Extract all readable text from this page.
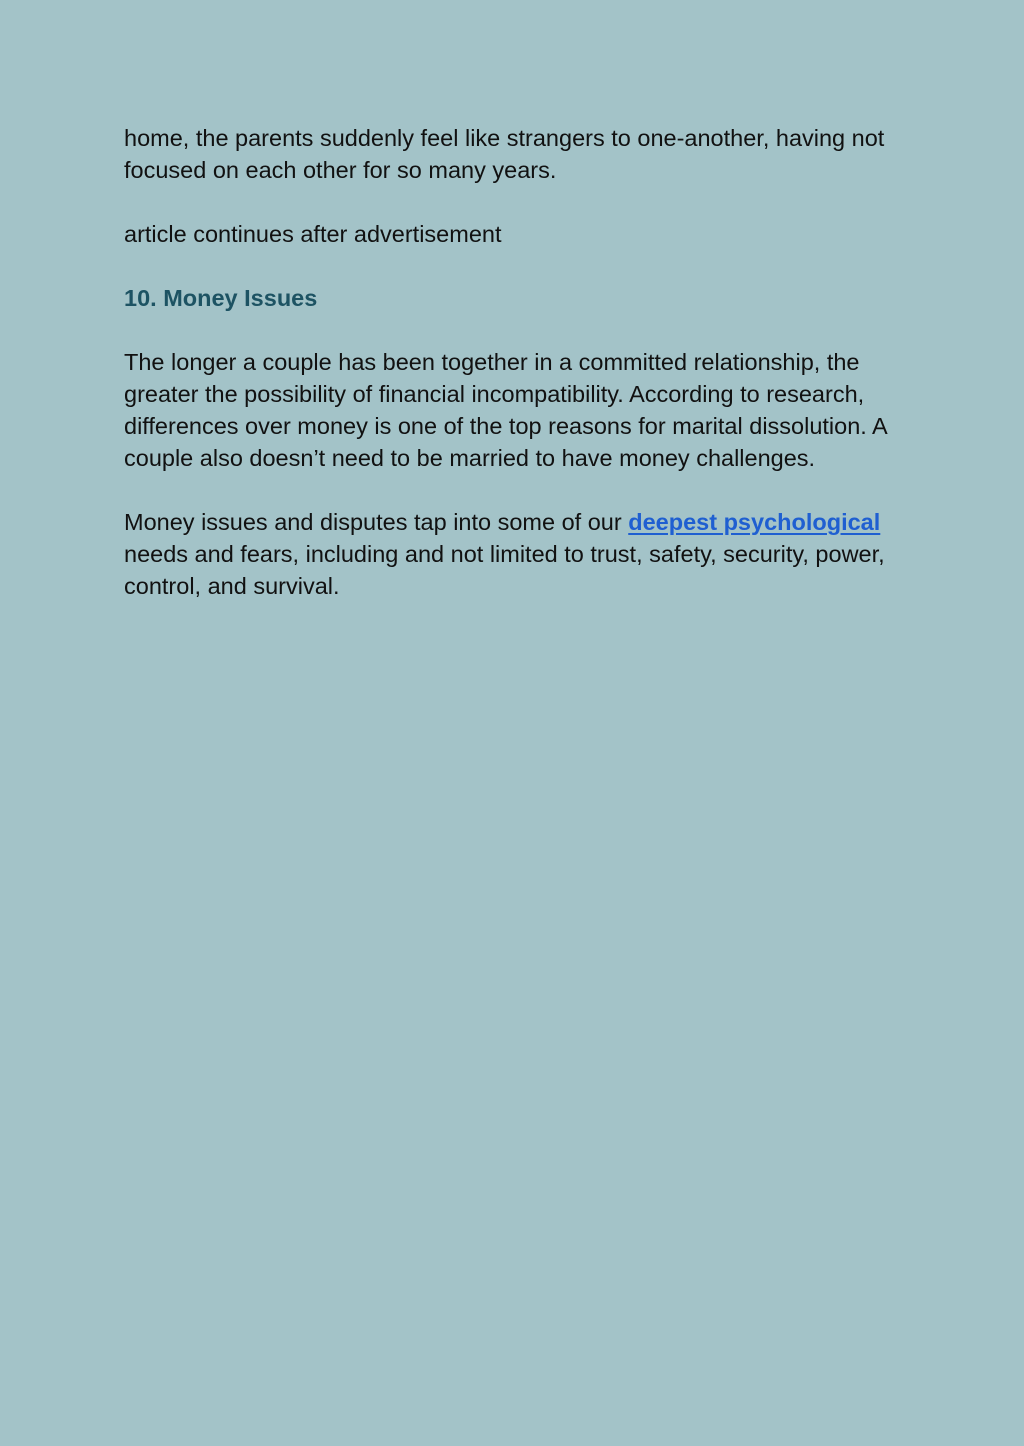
home, the parents suddenly feel like strangers to one-another, having not focused on each other for so many years.

article continues after advertisement

10. Money Issues

The longer a couple has been together in a committed relationship, the greater the possibility of financial incompatibility. According to research, differences over money is one of the top reasons for marital dissolution. A couple also doesn’t need to be married to have money challenges.

Money issues and disputes tap into some of our deepest psychological needs and fears, including and not limited to trust, safety, security, power, control, and survival.
